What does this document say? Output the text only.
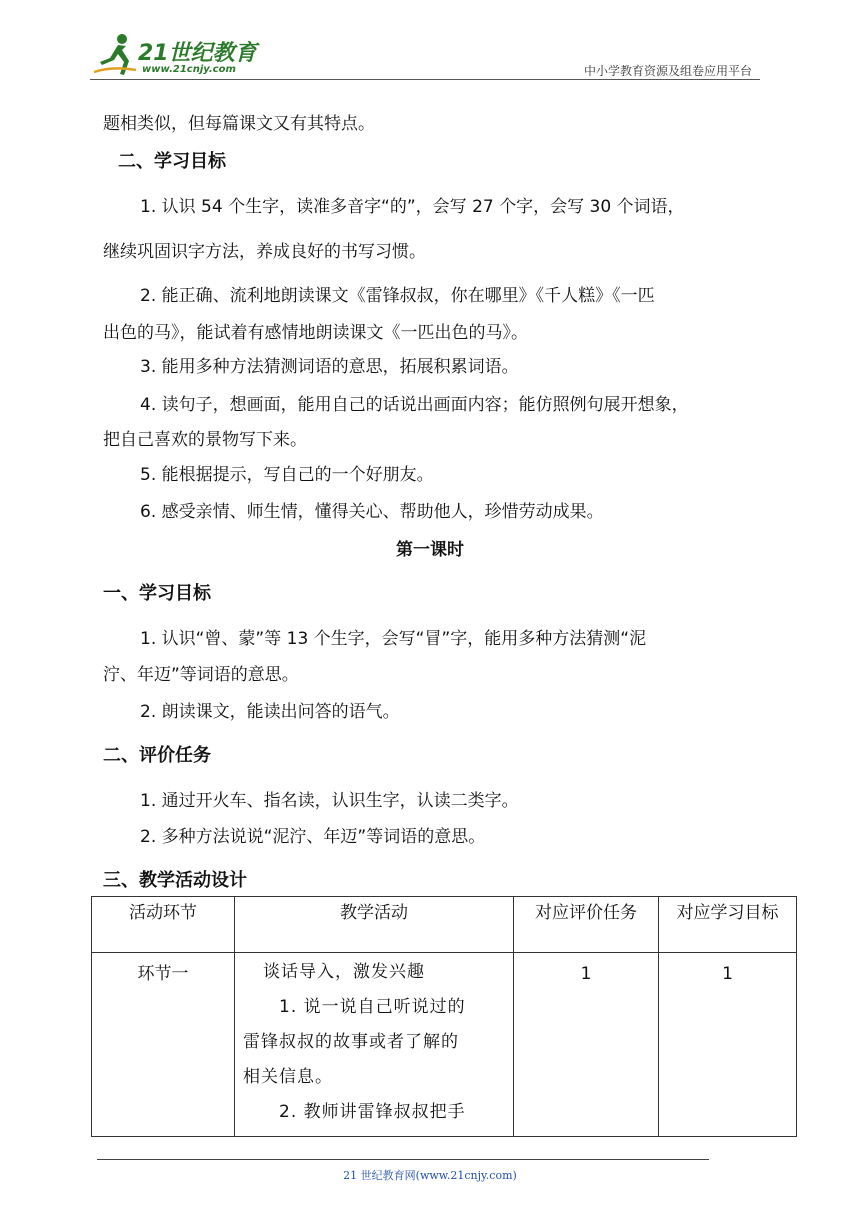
21世纪教育
www.21cnjy.com	中小学教育资源及组卷应用平台
题相类似，但每篇课文又有其特点。
二、学习目标
1. 认识 54 个生字，读准多音字“的”，会写 27 个字，会写 30 个词语，
继续巩固识字方法，养成良好的书写习惯。
2. 能正确、流利地朗读课文《雷锋叔叔，你在哪里》《千人糕》《一匹
出色的马》，能试着有感情地朗读课文《一匹出色的马》。
3. 能用多种方法猜测词语的意思，拓展积累词语。
4. 读句子，想画面，能用自己的话说出画面内容；能仿照例句展开想象，
把自己喜欢的景物写下来。
5. 能根据提示，写自己的一个好朋友。
6. 感受亲情、师生情，懂得关心、帮助他人，珍惜劳动成果。
第一课时
一、学习目标
1. 认识“曾、蒙”等 13 个生字，会写“冒”字，能用多种方法猜测“泥
泞、年迈”等词语的意思。
2. 朗读课文，能读出问答的语气。
二、评价任务
1. 通过开火车、指名读，认识生字，认读二类字。
2. 多种方法说说“泥泞、年迈”等词语的意思。
三、教学活动设计
活动环节	教学活动	对应评价任务	对应学习目标

环节一	谈话导入，激发兴趣
1. 说一说自己听说过的
雷锋叔叔的故事或者了解的
相关信息。
2. 教师讲雷锋叔叔把手	1	1
21 世纪教育网(www.21cnjy.com)
